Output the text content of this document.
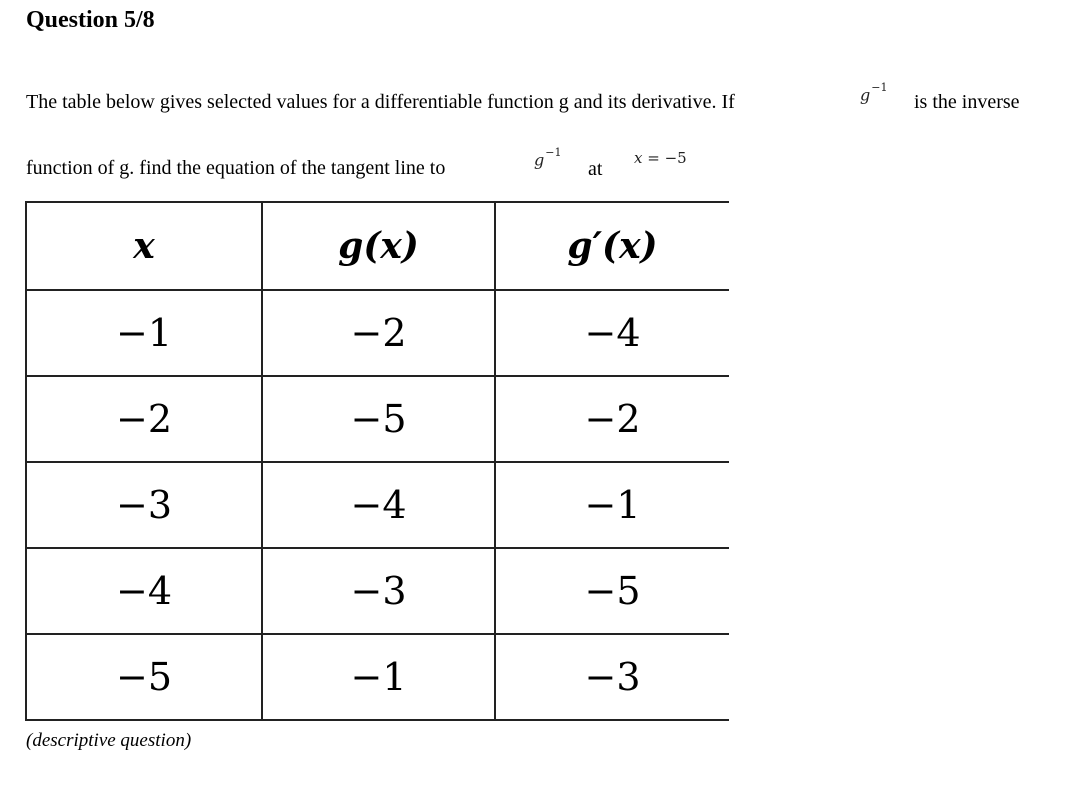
Question 5/8
The table below gives selected values for a differentiable function g and its derivative. If	$g^{-1}$
is the inverse
function of g. find the equation of the tangent line to	$g^{-1}$
at x = −5
x	g(x)	g′(x)
−1	−2	−4
−2	−5	−2
−3	−4	−1
−4	−3	−5
−5	−1	−3
(descriptive question)
